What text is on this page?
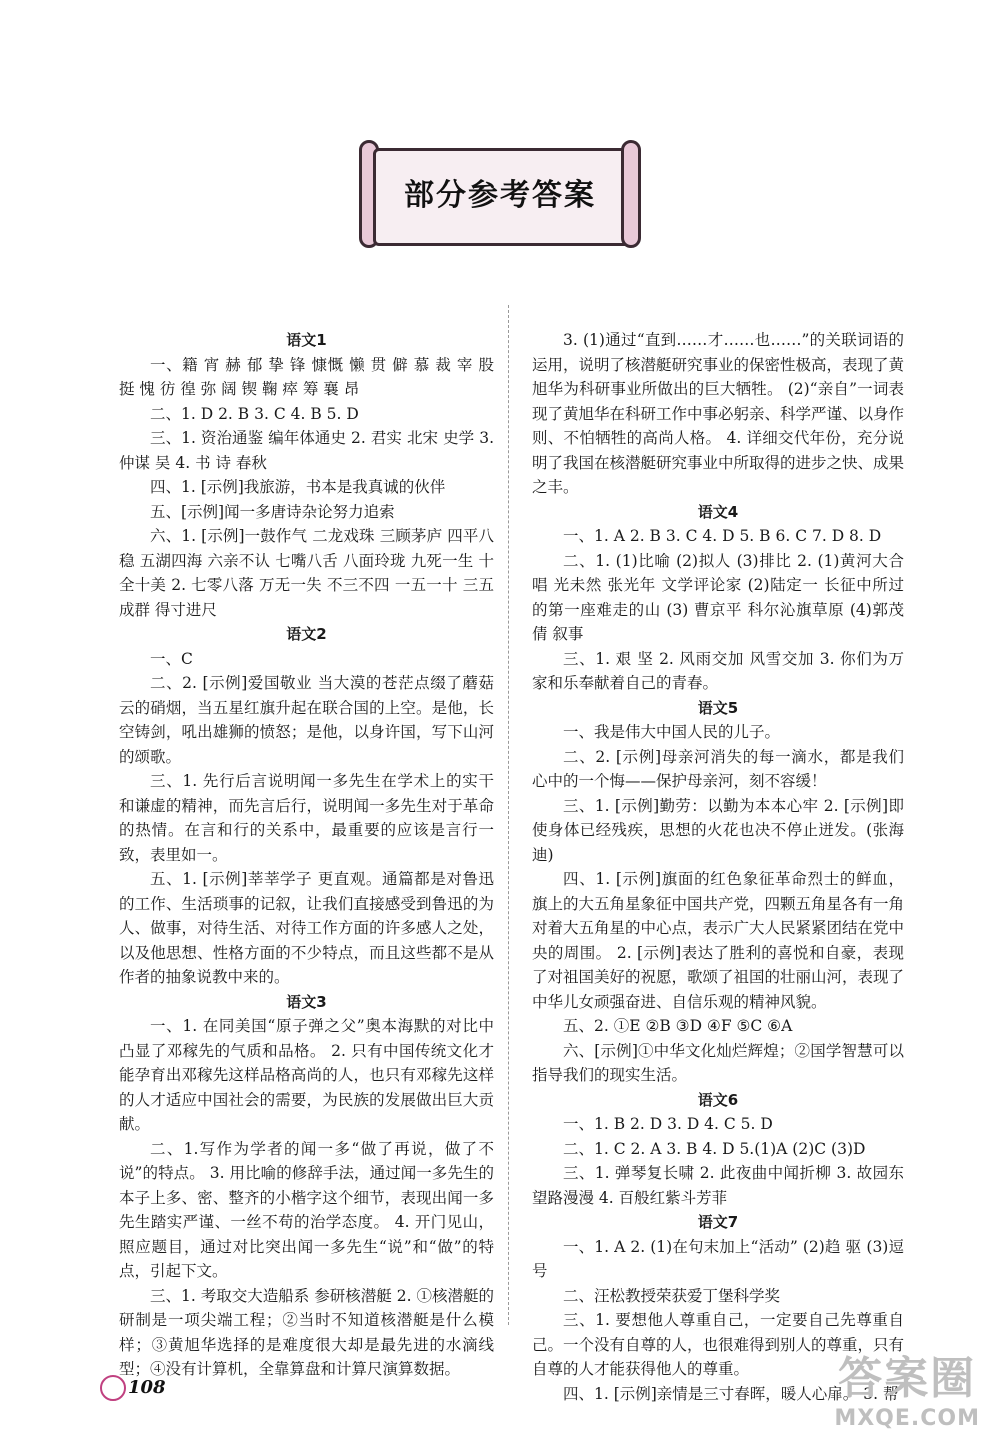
部分参考答案
语文1
一、籍 宵 赫 郁 挚 锋 慷慨 懒 贯 僻 慕 裁 宰 股 挺 愧 彷 徨 弥 阔 锲 鞠 瘁 筹 襄 昂
二、1. D 2. B 3. C 4. B 5. D
三、1. 资治通鉴 编年体通史 2. 君实 北宋 史学 3. 仲谋 吴 4. 书 诗 春秋
四、1. [示例]我旅游，书本是我真诚的伙伴
五、[示例]闻一多唐诗杂论努力追索
六、1. [示例]一鼓作气 二龙戏珠 三顾茅庐 四平八稳 五湖四海 六亲不认 七嘴八舌 八面玲珑 九死一生 十全十美 2. 七零八落 万无一失 不三不四 一五一十 三五成群 得寸进尺
语文2
一、C
二、2. [示例]爱国敬业 当大漠的苍茫点缀了蘑菇云的硝烟，当五星红旗升起在联合国的上空。是他，长空铸剑，吼出雄狮的愤怒；是他，以身许国，写下山河的颂歌。
三、1. 先行后言说明闻一多先生在学术上的实干和谦虚的精神，而先言后行，说明闻一多先生对于革命的热情。在言和行的关系中，最重要的应该是言行一致，表里如一。
五、1. [示例]莘莘学子 更直观。通篇都是对鲁迅的工作、生活琐事的记叙，让我们直接感受到鲁迅的为人、做事，对待生活、对待工作方面的许多感人之处，以及他思想、性格方面的不少特点，而且这些都不是从作者的抽象说教中来的。
语文3
一、1. 在同美国“原子弹之父”奥本海默的对比中凸显了邓稼先的气质和品格。 2. 只有中国传统文化才能孕育出邓稼先这样品格高尚的人，也只有邓稼先这样的人才适应中国社会的需要，为民族的发展做出巨大贡献。
二、1.写作为学者的闻一多“做了再说，做了不说”的特点。 3. 用比喻的修辞手法，通过闻一多先生的本子上多、密、整齐的小楷字这个细节，表现出闻一多先生踏实严谨、一丝不苟的治学态度。 4. 开门见山，照应题目，通过对比突出闻一多先生“说”和“做”的特点，引起下文。
三、1. 考取交大造船系 参研核潜艇 2. ①核潜艇的研制是一项尖端工程；②当时不知道核潜艇是什么模样；③黄旭华选择的是难度很大却是最先进的水滴线型；④没有计算机，全靠算盘和计算尺演算数据。
3. (1)通过“直到……才……也……”的关联词语的运用，说明了核潜艇研究事业的保密性极高，表现了黄旭华为科研事业所做出的巨大牺牲。 (2)“亲自”一词表现了黄旭华在科研工作中事必躬亲、科学严谨、以身作则、不怕牺牲的高尚人格。 4. 详细交代年份，充分说明了我国在核潜艇研究事业中所取得的进步之快、成果之丰。
语文4
一、1. A 2. B 3. C 4. D 5. B 6. C 7. D 8. D
二、1. (1)比喻 (2)拟人 (3)排比 2. (1)黄河大合唱 光未然 张光年 文学评论家 (2)陆定一 长征中所过的第一座难走的山 (3) 曹京平 科尔沁旗草原 (4)郭茂倩 叙事
三、1. 艰 坚 2. 风雨交加 风雪交加 3. 你们为万家和乐奉献着自己的青春。
语文5
一、我是伟大中国人民的儿子。
二、2. [示例]母亲河消失的每一滴水，都是我们心中的一个悔——保护母亲河，刻不容缓！
三、1. [示例]勤劳：以勤为本本心牢 2. [示例]即使身体已经残疾，思想的火花也决不停止迸发。(张海迪)
四、1. [示例]旗面的红色象征革命烈士的鲜血，旗上的大五角星象征中国共产党，四颗五角星各有一角对着大五角星的中心点，表示广大人民紧紧团结在党中央的周围。 2. [示例]表达了胜利的喜悦和自豪，表现了对祖国美好的祝愿，歌颂了祖国的壮丽山河，表现了中华儿女顽强奋进、自信乐观的精神风貌。
五、2. ①E ②B ③D ④F ⑤C ⑥A
六、[示例]①中华文化灿烂辉煌；②国学智慧可以指导我们的现实生活。
语文6
一、1. B 2. D 3. D 4. C 5. D
二、1. C 2. A 3. B 4. D 5.(1)A (2)C (3)D
三、1. 弹琴复长啸 2. 此夜曲中闻折柳 3. 故园东望路漫漫 4. 百般红紫斗芳菲
语文7
一、1. A 2. (1)在句末加上“活动” (2)趋 驱 (3)逗号
二、汪松教授荣获爱丁堡科学奖
三、1. 要想他人尊重自己，一定要自己先尊重自己。一个没有自尊的人，也很难得到别人的尊重，只有自尊的人才能获得他人的尊重。
四、1. [示例]亲情是三寸春晖，暖人心扉。 3. 帮
108	答案圈
MXQE.COM
